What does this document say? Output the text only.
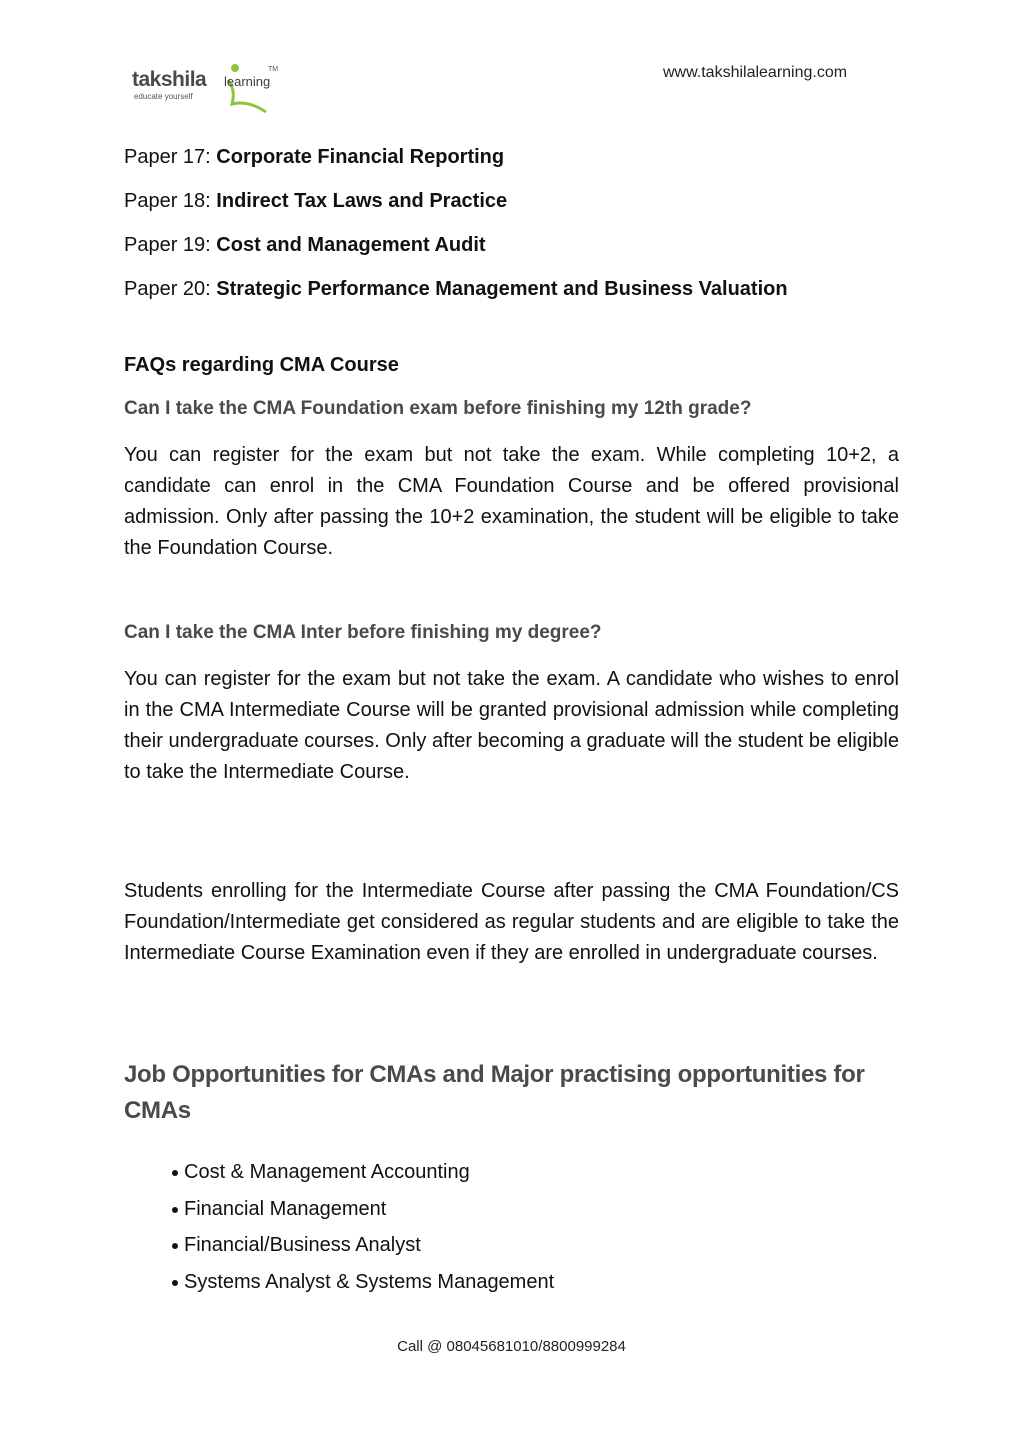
takshila learning
TM
educate yourself
www.takshilalearning.com
Paper 17: Corporate Financial Reporting
Paper 18: Indirect Tax Laws and Practice
Paper 19: Cost and Management Audit
Paper 20: Strategic Performance Management and Business Valuation
FAQs regarding CMA Course
Can I take the CMA Foundation exam before finishing my 12th grade?
You can register for the exam but not take the exam. While completing 10+2, a candidate can enrol in the CMA Foundation Course and be offered provisional admission. Only after passing the 10+2 examination, the student will be eligible to take the Foundation Course.
Can I take the CMA Inter before finishing my degree?
You can register for the exam but not take the exam. A candidate who wishes to enrol in the CMA Intermediate Course will be granted provisional admission while completing their undergraduate courses. Only after becoming a graduate will the student be eligible to take the Intermediate Course.
Students enrolling for the Intermediate Course after passing the CMA Foundation/CS Foundation/Intermediate get considered as regular students and are eligible to take the Intermediate Course Examination even if they are enrolled in undergraduate courses.
Job Opportunities for CMAs and Major practising opportunities for CMAs
Cost & Management Accounting
Financial Management
Financial/Business Analyst
Systems Analyst & Systems Management
Call @ 08045681010/8800999284
